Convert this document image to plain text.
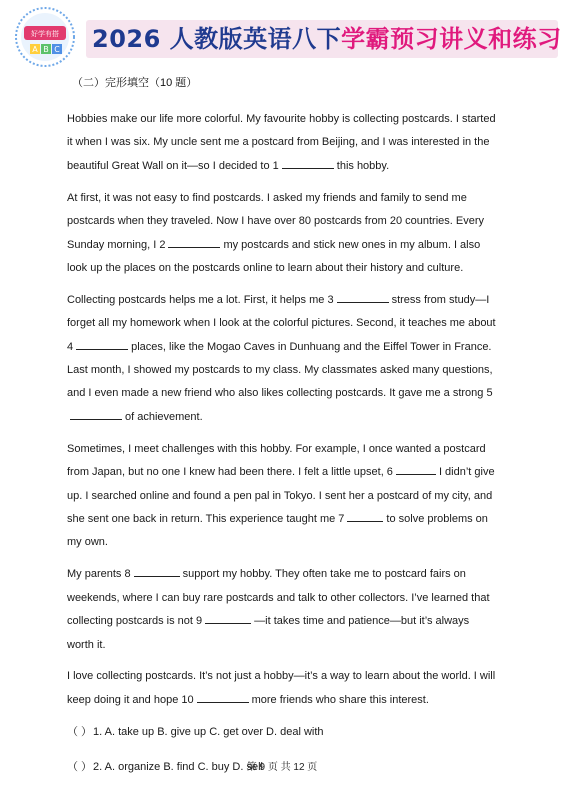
好学有搭
A B C 2026 人教版英语八下学霸预习讲义和练习
（二）完形填空（10 题）

Hobbies make our life more colorful. My favourite hobby is collecting postcards. I started it when I was six. My uncle sent me a postcard from Beijing, and I was interested in the beautiful Great Wall on it—so I decided to 1	this hobby.

At first, it was not easy to find postcards. I asked my friends and family to send me postcards when they traveled. Now I have over 80 postcards from 20 countries. Every Sunday morning, I 2	my postcards and stick new ones in my album. I also look up the places on the postcards online to learn about their history and culture.

Collecting postcards helps me a lot. First, it helps me 3	stress from study—I forget all my homework when I look at the colorful pictures. Second, it teaches me about 4	places, like the Mogao Caves in Dunhuang and the Eiffel Tower in France. Last month, I showed my postcards to my class. My classmates asked many questions, and I even made a new friend who also likes collecting postcards. It gave me a strong 5of achievement.

Sometimes, I meet challenges with this hobby. For example, I once wanted a postcard from Japan, but no one I knew had been there. I felt a little upset, 6	I didn’t give up. I searched online and found a pen pal in Tokyo. I sent her a postcard of my city, and she sent one back in return. This experience taught me 7	to solve problems on my own.

My parents 8	support my hobby. They often take me to postcard fairs on weekends, where I can buy rare postcards and talk to other collectors. I’ve learned that collecting postcards is not 9	—it takes time and patience—but it’s always worth it.

I love collecting postcards. It’s not just a hobby—it’s a way to learn about the world. I will keep doing it and hope 10	more friends who share this interest.

（ ）1. A. take up B. give up C. get over D. deal with
（ ）2. A. organize B. find C. buy D. sell
第 9 页 共 12 页
